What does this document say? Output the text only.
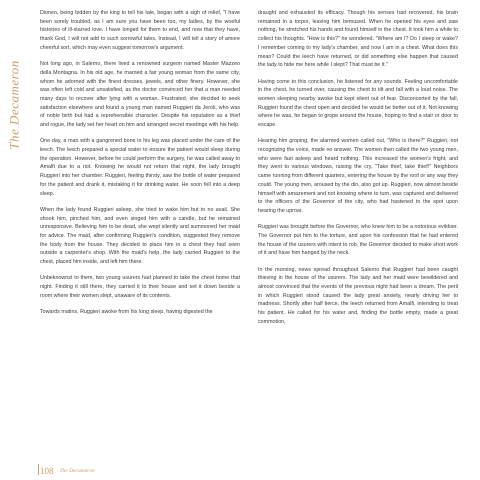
The Decameron

Dioneo, being bidden by the king to tell his tale, began with a sigh of relief, "I have been sorely troubled, as I am sure you have been too, my ladies, by the woeful histories of ill-starred love. I have longed for them to end, and now that they have, thank God, I will not add to such sorrowful tales. Instead, I will tell a story of amore cheerful sort, which may even suggest tomorrow's argument.

Not long ago, in Salerno, there lived a renowned surgeon named Master Mazzeo della Montagna. In his old age, he married a fair young woman from the same city, whom he adorned with the finest dresses, jewels, and other finery. However, she was often left cold and unsatisfied, as the doctor convinced her that a man needed many days to recover after lying with a woman. Frustrated, she decided to seek satisfaction elsewhere and found a young man named Ruggieri da Jeroli, who was of noble birth but had a reprehensible character. Despite his reputation as a thief and rogue, the lady set her heart on him and arranged secret meetings with his help.

One day, a man with a gangrened bone in his leg was placed under the care of the leech. The leech prepared a special water to ensure the patient would sleep during the operation. However, before he could perform the surgery, he was called away to Amalfi due to a riot. Knowing he would not return that night, the lady brought Ruggieri into her chamber. Ruggieri, feeling thirsty, saw the bottle of water prepared for the patient and drank it, mistaking it for drinking water. He soon fell into a deep sleep.

When the lady found Ruggieri asleep, she tried to wake him but to no avail. She shook him, pinched him, and even singed him with a candle, but he remained unresponsive. Believing him to be dead, she wept silently and summoned her maid for advice. The maid, after confirming Ruggieri's condition, suggested they remove the body from the house. They decided to place him in a chest they had seen outside a carpenter's shop. With the maid's help, the lady carried Ruggieri to the chest, placed him inside, and left him there.

Unbeknownst to them, two young usurers had planned to take the chest home that night. Finding it still there, they carried it to their house and set it down beside a room where their women slept, unaware of its contents.

Towards matins, Ruggieri awoke from his long sleep, having digested the

draught and exhausted its efficacy. Though his senses had recovered, his brain remained in a torpor, leaving him bemused. When he opened his eyes and saw nothing, he stretched his hands and found himself in the chest. It took him a while to collect his thoughts. "How is this?" he wondered. "Where am I? Do I sleep or wake? I remember coming to my lady's chamber, and now I am in a chest. What does this mean? Could the leech have returned, or did something else happen that caused the lady to hide me here while I slept? That must be it."

Having come to this conclusion, he listened for any sounds. Feeling uncomfortable in the chest, he turned over, causing the chest to tilt and fall with a loud noise. The women sleeping nearby awoke but kept silent out of fear. Disconcerted by the fall, Ruggieri found the chest open and decided he would be better out of it. Not knowing where he was, he began to grope around the house, hoping to find a stair or door to escape.

Hearing him groping, the alarmed women called out, "Who is there?" Ruggieri, not recognizing the voice, made no answer. The women then called the two young men, who were fast asleep and heard nothing. This increased the women's fright, and they went to various windows, raising the cry, "Take thief, take thief!" Neighbors came running from different quarters, entering the house by the roof or any way they could. The young men, aroused by the din, also got up. Ruggieri, now almost beside himself with amazement and not knowing where to turn, was captured and delivered to the officers of the Governor of the city, who had hastened to the spot upon hearing the uproar.

Ruggieri was brought before the Governor, who knew him to be a notorious evildoer. The Governor put him to the torture, and upon his confession that he had entered the house of the usurers with intent to rob, the Governor decided to make short work of it and have him hanged by the neck.

In the morning, news spread throughout Salerno that Ruggieri had been caught thieving in the house of the usurers. The lady and her maid were bewildered and almost convinced that the events of the previous night had been a dream. The peril in which Ruggieri stood caused the lady great anxiety, nearly driving her to madness. Shortly after half tierce, the leech returned from Amalfi, intending to treat his patient. He called for his water and, finding the bottle empty, made a great commotion,

108 The Decameron
